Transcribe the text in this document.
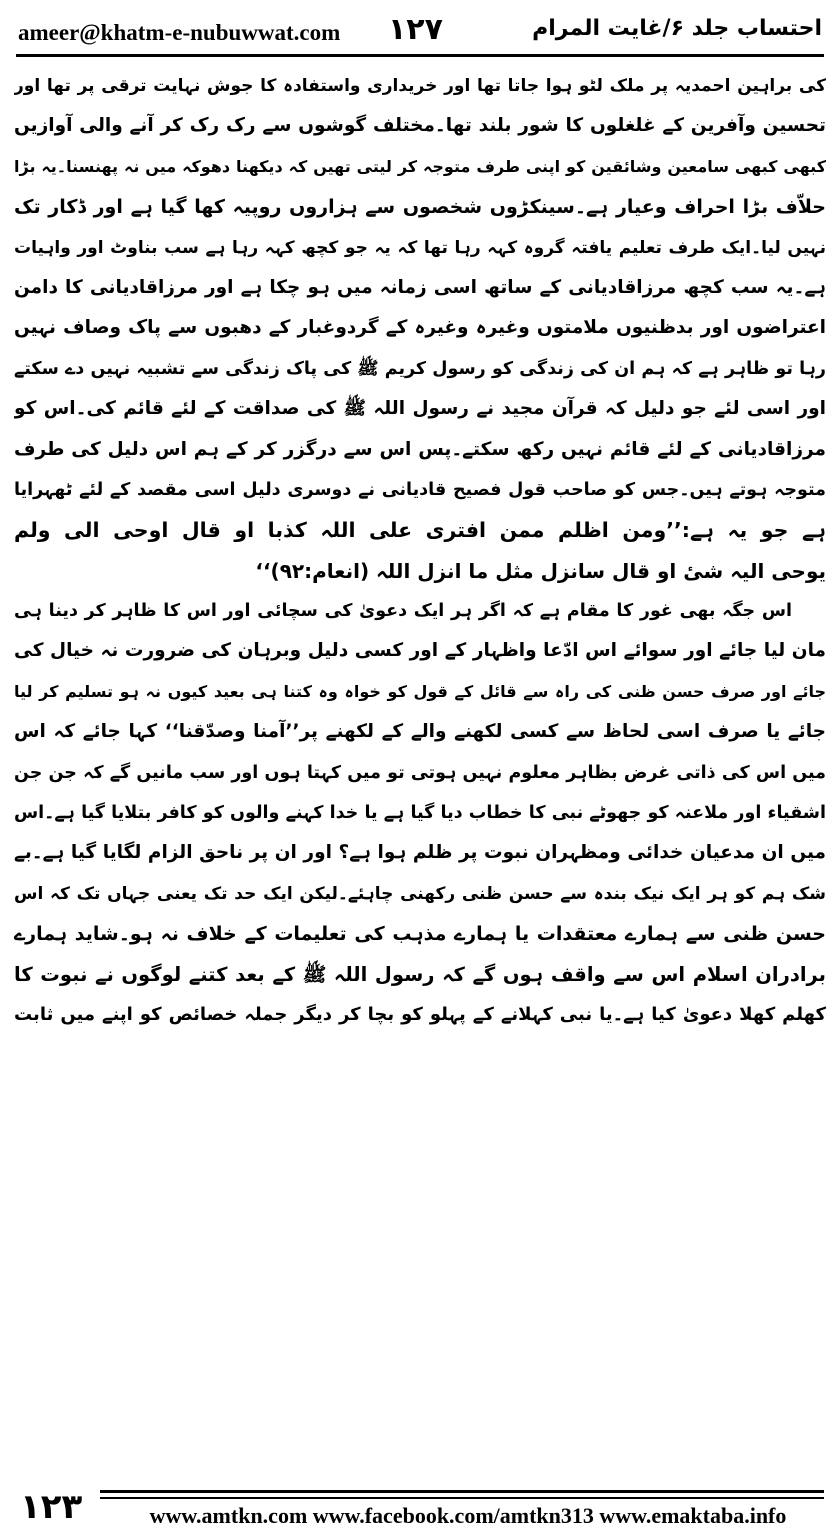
ameer@khatm-e-nubuwwat.com ۱۲۷	احتساب جلد ۶/غایت المرام
کی براہین احمدیہ پر ملک لٹو ہوا جاتا تھا اور خریداری واستفادہ کا جوش نہایت ترقی پر تھا اور
تحسین وآفرین کے غلغلوں کا شور بلند تھا۔مختلف گوشوں سے رک رک کر آنے والی آوازیں
کبھی کبھی سامعین وشائقین کو اپنی طرف متوجہ کر لیتی تھیں کہ دیکھنا دھوکہ میں نہ پھنسنا۔یہ بڑا
حلاّف بڑا احراف وعیار ہے۔سینکڑوں شخصوں سے ہزاروں روپیہ کھا گیا ہے اور ڈکار تک
نہیں لیا۔ایک طرف تعلیم یافتہ گروہ کہہ رہا تھا کہ یہ جو کچھ کہہ رہا ہے سب بناوٹ اور واہیات
ہے۔یہ سب کچھ مرزاقادیانی کے ساتھ اسی زمانہ میں ہو چکا ہے اور مرزاقادیانی کا دامن
اعتراضوں اور بدظنیوں ملامتوں وغیرہ وغیرہ کے گردوغبار کے دھبوں سے پاک وصاف نہیں
رہا تو ظاہر ہے کہ ہم ان کی زندگی کو رسول کریم ﷺ کی پاک زندگی سے تشبیہ نہیں دے سکتے
اور اسی لئے جو دلیل کہ قرآن مجید نے رسول اللہ ﷺ کی صداقت کے لئے قائم کی۔اس کو
مرزاقادیانی کے لئے قائم نہیں رکھ سکتے۔پس اس سے درگزر کر کے ہم اس دلیل کی طرف
متوجہ ہوتے ہیں۔جس کو صاحب قول فصیح قادیانی نے دوسری دلیل اسی مقصد کے لئے ٹھہرایا
ہے جو یہ ہے:’’ومن اظلم ممن افتری علی اللہ کذبا او قال اوحی الی ولم
یوحی الیہ شیٔ او قال سانزل مثل ما انزل اللہ (انعام:۹۲)‘‘
اس جگہ بھی غور کا مقام ہے کہ اگر ہر ایک دعویٰ کی سچائی اور اس کا ظاہر کر دینا ہی
مان لیا جائے اور سوائے اس ادّعا واظہار کے اور کسی دلیل وبرہان کی ضرورت نہ خیال کی
جائے اور صرف حسن ظنی کی راہ سے قائل کے قول کو خواہ وہ کتنا ہی بعید کیوں نہ ہو تسلیم کر لیا
جائے یا صرف اسی لحاظ سے کسی لکھنے والے کے لکھنے پر’’آمنا وصدّقنا‘‘ کہا جائے کہ اس
میں اس کی ذاتی غرض بظاہر معلوم نہیں ہوتی تو میں کہتا ہوں اور سب مانیں گے کہ جن جن
اشقیاء اور ملاعنہ کو جھوٹے نبی کا خطاب دیا گیا ہے یا خدا کہنے والوں کو کافر بتلایا گیا ہے۔اس
میں ان مدعیان خدائی ومظہران نبوت پر ظلم ہوا ہے؟ اور ان پر ناحق الزام لگایا گیا ہے۔بے
شک ہم کو ہر ایک نیک بندہ سے حسن ظنی رکھنی چاہئے۔لیکن ایک حد تک یعنی جہاں تک کہ اس
حسن ظنی سے ہمارے معتقدات یا ہمارے مذہب کی تعلیمات کے خلاف نہ ہو۔شاید ہمارے
برادران اسلام اس سے واقف ہوں گے کہ رسول اللہ ﷺ کے بعد کتنے لوگوں نے نبوت کا
کھلم کھلا دعویٰ کیا ہے۔یا نبی کہلانے کے پہلو کو بچا کر دیگر جملہ خصائص کو اپنے میں ثابت
۱۲۳	www.amtkn.com www.facebook.com/amtkn313 www.emaktaba.info
